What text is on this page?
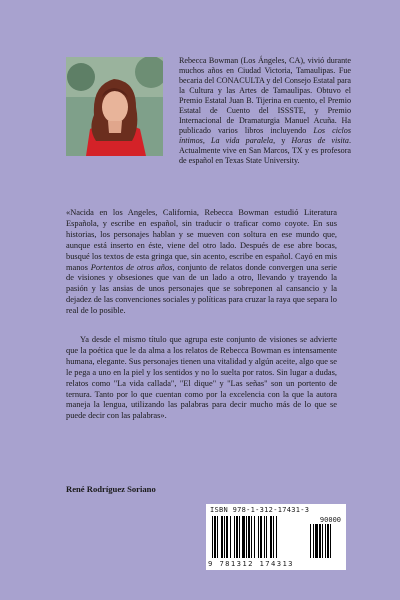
Rebecca Bowman (Los Ángeles, CA), vivió durante muchos años en Ciudad Victoria, Tamaulipas. Fue becaria del CONACULTA y del Consejo Estatal para la Cultura y las Artes de Tamaulipas. Obtuvo el Premio Estatal Juan B. Tijerina en cuento, el Premio Estatal de Cuento del ISSSTE, y Premio Internacional de Dramaturgia Manuel Acuña. Ha publicado varios libros incluyendo Los ciclos íntimos, La vida paralela, y Horas de visita. Actualmente vive en San Marcos, TX y es profesora de español en Texas State University.
«Nacida en los Angeles, California, Rebecca Bowman estudió Literatura Española, y escribe en español, sin traducir o traficar como coyote. En sus historias, los personajes hablan y se mueven con soltura en ese mundo que, aunque está inserto en éste, viene del otro lado. Después de ese abre bocas, busqué los textos de esta gringa que, sin acento, escribe en español. Cayó en mis manos Portentos de otros años, conjunto de relatos donde convergen una serie de visiones y obsesiones que van de un lado a otro, llevando y trayendo la pasión y las ansias de unos personajes que se sobreponen al cansancio y la dejadez de las convenciones sociales y políticas para cruzar la raya que separa lo real de lo posible.
Ya desde el mismo título que agrupa este conjunto de visiones se advierte que la poética que le da alma a los relatos de Rebecca Bowman es intensamente humana, elegante. Sus personajes tienen una vitalidad y algún aceite, algo que se le pega a uno en la piel y los sentidos y no lo suelta por ratos. Sin lugar a dudas, relatos como "La vida callada", "El dique" y "Las señas" son un portento de ternura. Tanto por lo que cuentan como por la excelencia con la que la autora maneja la lengua, utilizando las palabras para decir mucho más de lo que se puede decir con las palabras».
René Rodríguez Soriano
ISBN 978-1-312-17431-3
90000
9 781312 174313
